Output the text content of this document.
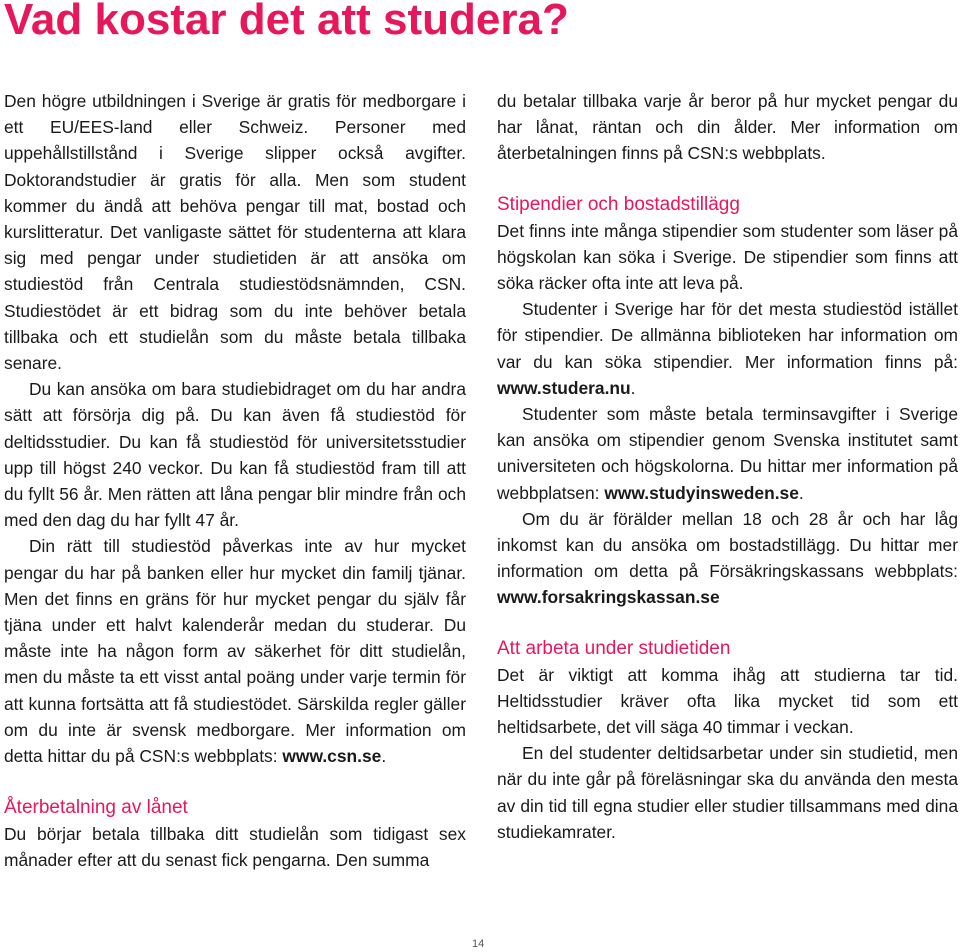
Vad kostar det att studera?

Den högre utbildningen i Sverige är gratis för medborgare i ett EU/EES-land eller Schweiz. Personer med uppehållstillstånd i Sverige slipper också avgifter. Doktorandstudier är gratis för alla. Men som student kommer du ändå att behöva pengar till mat, bostad och kurslitteratur. Det vanligaste sättet för studenterna att klara sig med pengar under studietiden är att ansöka om studiestöd från Centrala studiestödsnämnden, CSN. Studiestödet är ett bidrag som du inte behöver betala tillbaka och ett studielån som du måste betala tillbaka senare.

Du kan ansöka om bara studiebidraget om du har andra sätt att försörja dig på. Du kan även få studiestöd för deltidsstudier. Du kan få studiestöd för universitetsstudier upp till högst 240 veckor. Du kan få studiestöd fram till att du fyllt 56 år. Men rätten att låna pengar blir mindre från och med den dag du har fyllt 47 år.

Din rätt till studiestöd påverkas inte av hur mycket pengar du har på banken eller hur mycket din familj tjänar. Men det finns en gräns för hur mycket pengar du själv får tjäna under ett halvt kalenderår medan du studerar. Du måste inte ha någon form av säkerhet för ditt studielån, men du måste ta ett visst antal poäng under varje termin för att kunna fortsätta att få studiestödet. Särskilda regler gäller om du inte är svensk medborgare. Mer information om detta hittar du på CSN:s webbplats: www.csn.se.

Återbetalning av lånet

Du börjar betala tillbaka ditt studielån som tidigast sex månader efter att du senast fick pengarna. Den summa

du betalar tillbaka varje år beror på hur mycket pengar du har lånat, räntan och din ålder. Mer information om återbetalningen finns på CSN:s webbplats.

Stipendier och bostadstillägg

Det finns inte många stipendier som studenter som läser på högskolan kan söka i Sverige. De stipendier som finns att söka räcker ofta inte att leva på.

Studenter i Sverige har för det mesta studiestöd istället för stipendier. De allmänna biblioteken har information om var du kan söka stipendier. Mer information finns på: www.studera.nu.

Studenter som måste betala terminsavgifter i Sverige kan ansöka om stipendier genom Svenska institutet samt universiteten och högskolorna. Du hittar mer information på webbplatsen: www.studyinsweden.se.

Om du är förälder mellan 18 och 28 år och har låg inkomst kan du ansöka om bostadstillägg. Du hittar mer information om detta på Försäkringskassans webbplats: www.forsakringskassan.se

Att arbeta under studietiden

Det är viktigt att komma ihåg att studierna tar tid. Heltidsstudier kräver ofta lika mycket tid som ett heltidsarbete, det vill säga 40 timmar i veckan.

En del studenter deltidsarbetar under sin studietid, men när du inte går på föreläsningar ska du använda den mesta av din tid till egna studier eller studier tillsammans med dina studiekamrater.

14
